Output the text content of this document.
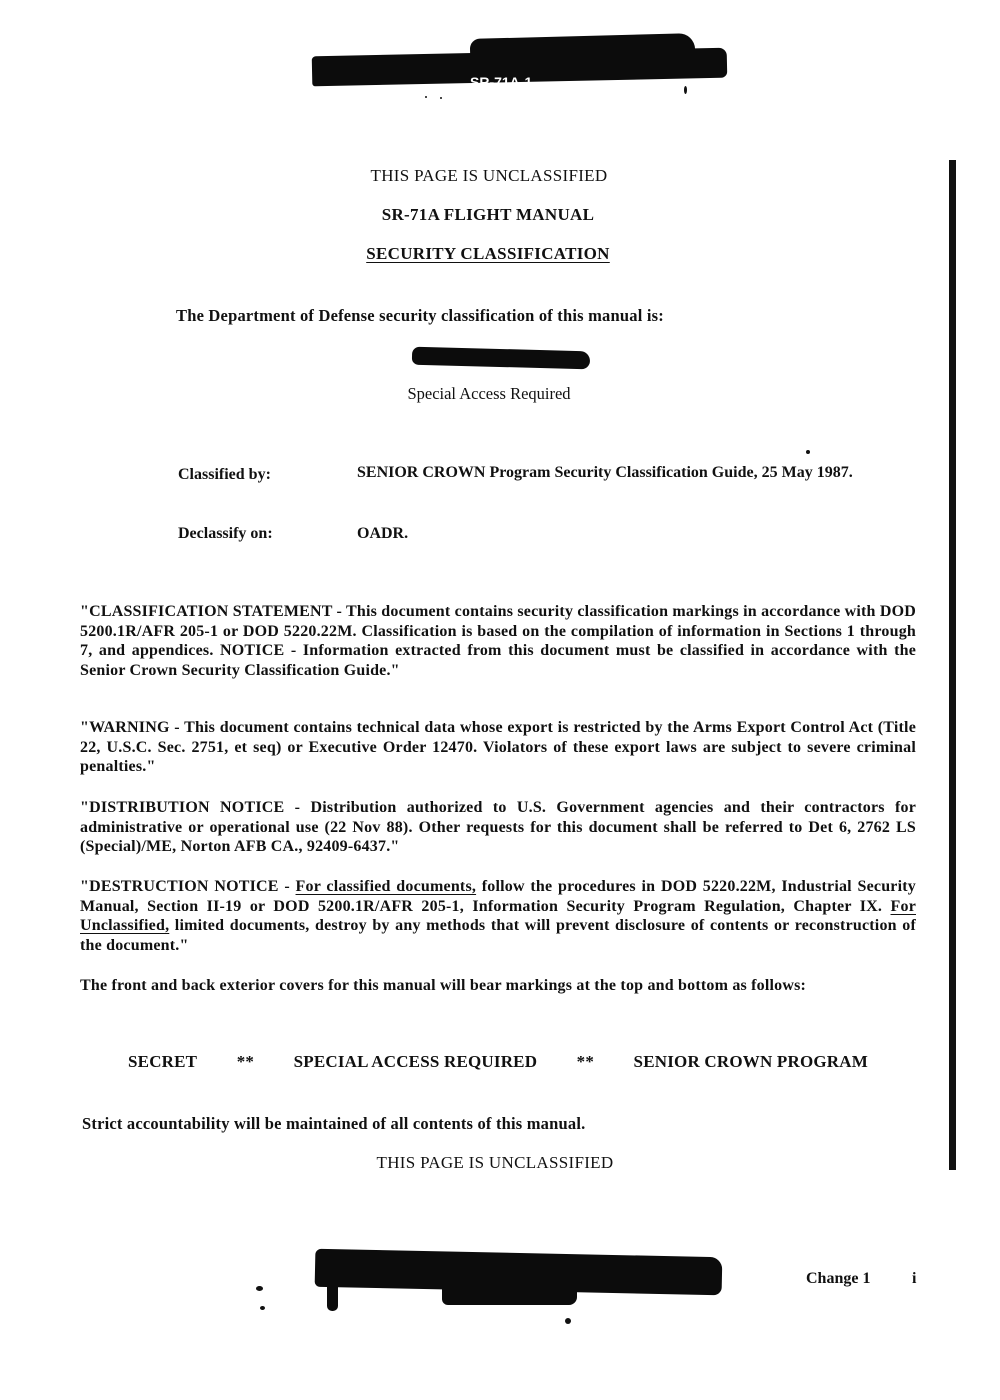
SR-71A-1
THIS PAGE IS UNCLASSIFIED
SR-71A FLIGHT MANUAL
SECURITY CLASSIFICATION
The Department of Defense security classification of this manual is:
Special Access Required
Classified by:	SENIOR CROWN Program Security Classification Guide, 25 May 1987.
Declassify on:	OADR.
"CLASSIFICATION STATEMENT - This document contains security classification markings in accordance with DOD 5200.1R/AFR 205-1 or DOD 5220.22M. Classification is based on the compilation of information in Sections 1 through 7, and appendices. NOTICE - Information extracted from this document must be classified in accordance with the Senior Crown Security Classification Guide."
"WARNING - This document contains technical data whose export is restricted by the Arms Export Control Act (Title 22, U.S.C. Sec. 2751, et seq) or Executive Order 12470. Violators of these export laws are subject to severe criminal penalties."
"DISTRIBUTION NOTICE - Distribution authorized to U.S. Government agencies and their contractors for administrative or operational use (22 Nov 88). Other requests for this document shall be referred to Det 6, 2762 LS (Special)/ME, Norton AFB CA., 92409-6437."
"DESTRUCTION NOTICE - For classified documents, follow the procedures in DOD 5220.22M, Industrial Security Manual, Section II-19 or DOD 5200.1R/AFR 205-1, Information Security Program Regulation, Chapter IX. For Unclassified, limited documents, destroy by any methods that will prevent disclosure of contents or reconstruction of the document."
The front and back exterior covers for this manual will bear markings at the top and bottom as follows:
SECRET ** SPECIAL ACCESS REQUIRED ** SENIOR CROWN PROGRAM
Strict accountability will be maintained of all contents of this manual.
THIS PAGE IS UNCLASSIFIED
Change 1	i
